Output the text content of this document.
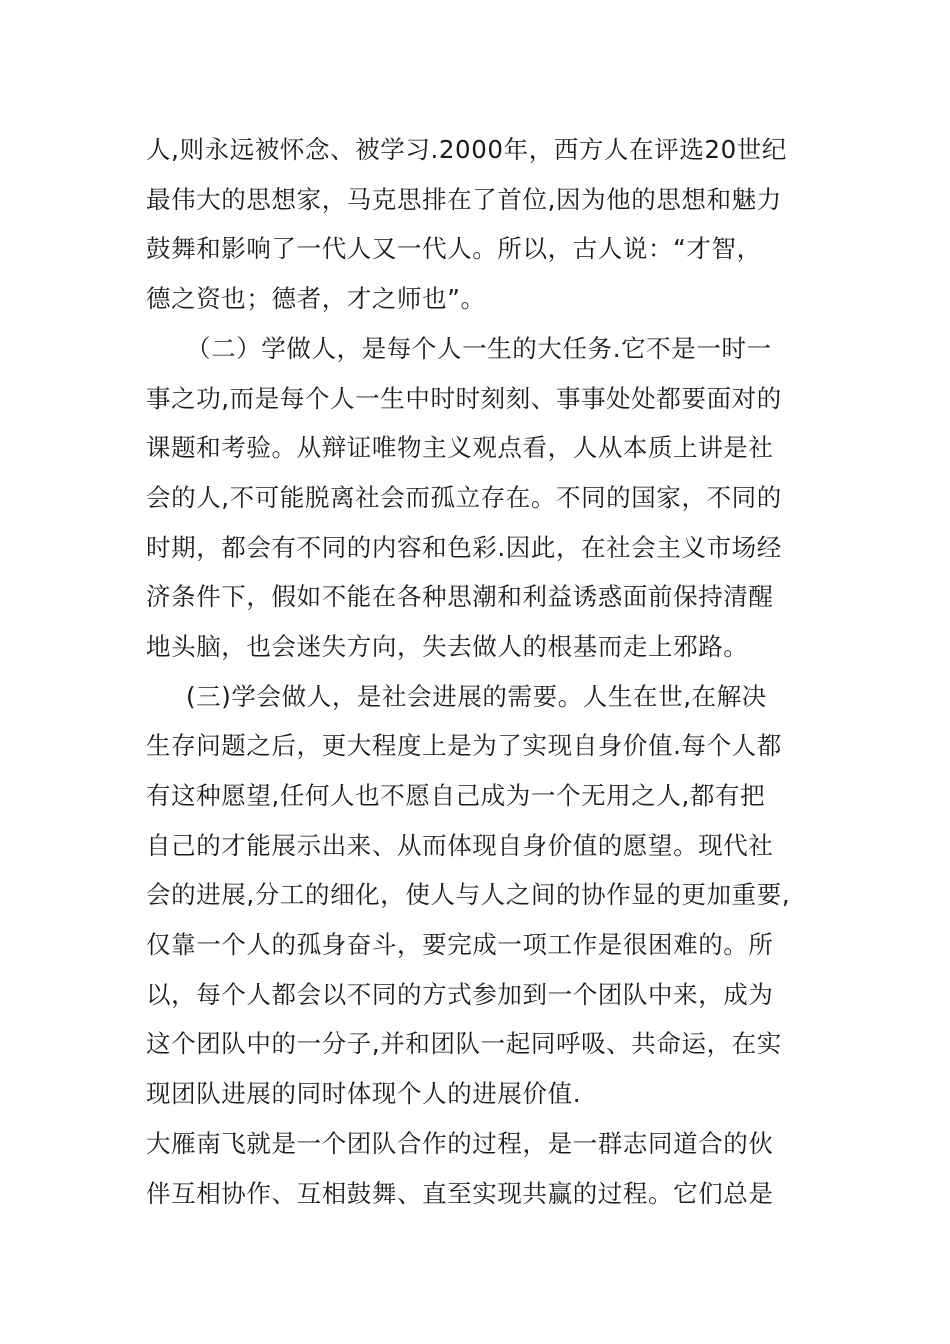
人,则永远被怀念、被学习.2000年，西方人在评选20世纪
最伟大的思想家，马克思排在了首位,因为他的思想和魅力
鼓舞和影响了一代人又一代人。所以，古人说：“才智，
德之资也；德者，才之师也”。
（二）学做人，是每个人一生的大任务.它不是一时一
事之功,而是每个人一生中时时刻刻、事事处处都要面对的
课题和考验。从辩证唯物主义观点看，人从本质上讲是社
会的人,不可能脱离社会而孤立存在。不同的国家，不同的
时期，都会有不同的内容和色彩.因此，在社会主义市场经
济条件下，假如不能在各种思潮和利益诱惑面前保持清醒
地头脑，也会迷失方向，失去做人的根基而走上邪路。
(三)学会做人，是社会进展的需要。人生在世,在解决
生存问题之后，更大程度上是为了实现自身价值.每个人都
有这种愿望,任何人也不愿自己成为一个无用之人,都有把
自己的才能展示出来、从而体现自身价值的愿望。现代社
会的进展,分工的细化，使人与人之间的协作显的更加重要,
仅靠一个人的孤身奋斗，要完成一项工作是很困难的。所
以，每个人都会以不同的方式参加到一个团队中来，成为
这个团队中的一分子,并和团队一起同呼吸、共命运，在实
现团队进展的同时体现个人的进展价值.
大雁南飞就是一个团队合作的过程，是一群志同道合的伙
伴互相协作、互相鼓舞、直至实现共赢的过程。它们总是
